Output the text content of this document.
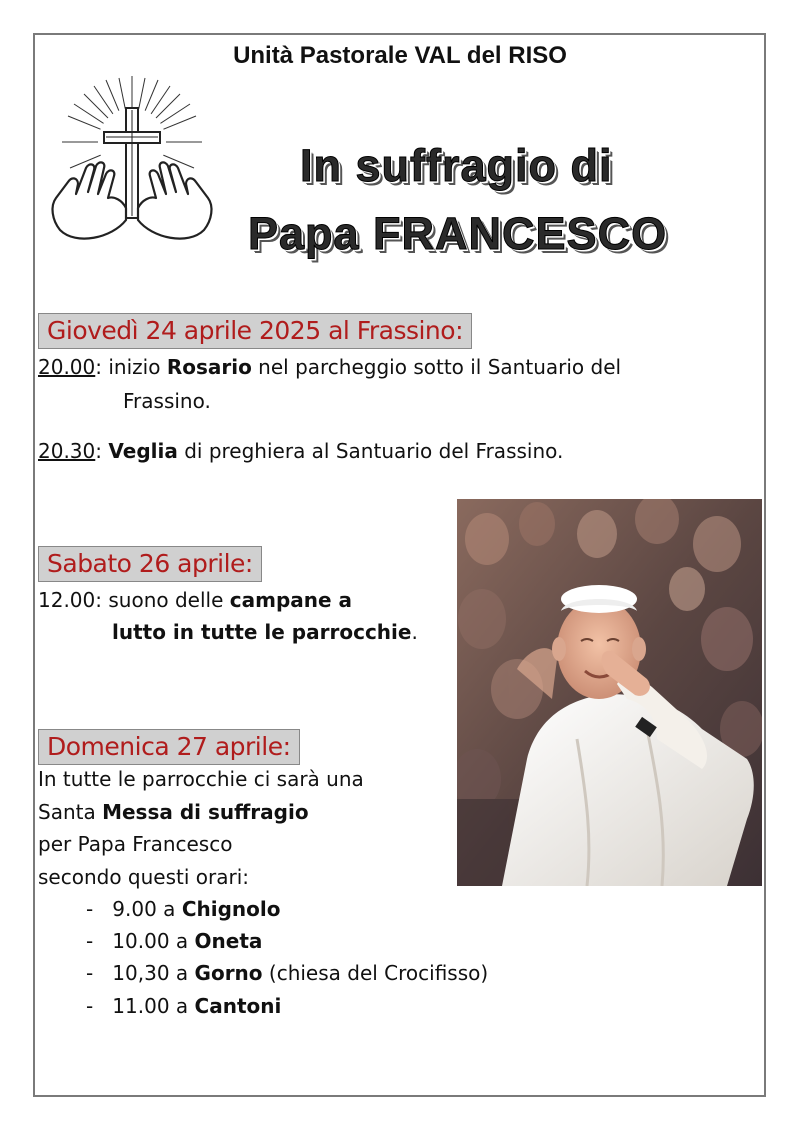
Unità Pastorale VAL del RISO
In suffragio di
Papa FRANCESCO
Giovedì 24 aprile 2025 al Frassino:
20.00: inizio Rosario nel parcheggio sotto il Santuario del
Frassino.
20.30: Veglia di preghiera al Santuario del Frassino.
Sabato 26 aprile:
12.00: suono delle campane a
lutto in tutte le parrocchie.
Domenica 27 aprile:
In tutte le parrocchie ci sarà una
Santa Messa di suffragio
per Papa Francesco
secondo questi orari:
- 9.00 a Chignolo
- 10.00 a Oneta
- 10,30 a Gorno (chiesa del Crocifisso)
- 11.00 a Cantoni
